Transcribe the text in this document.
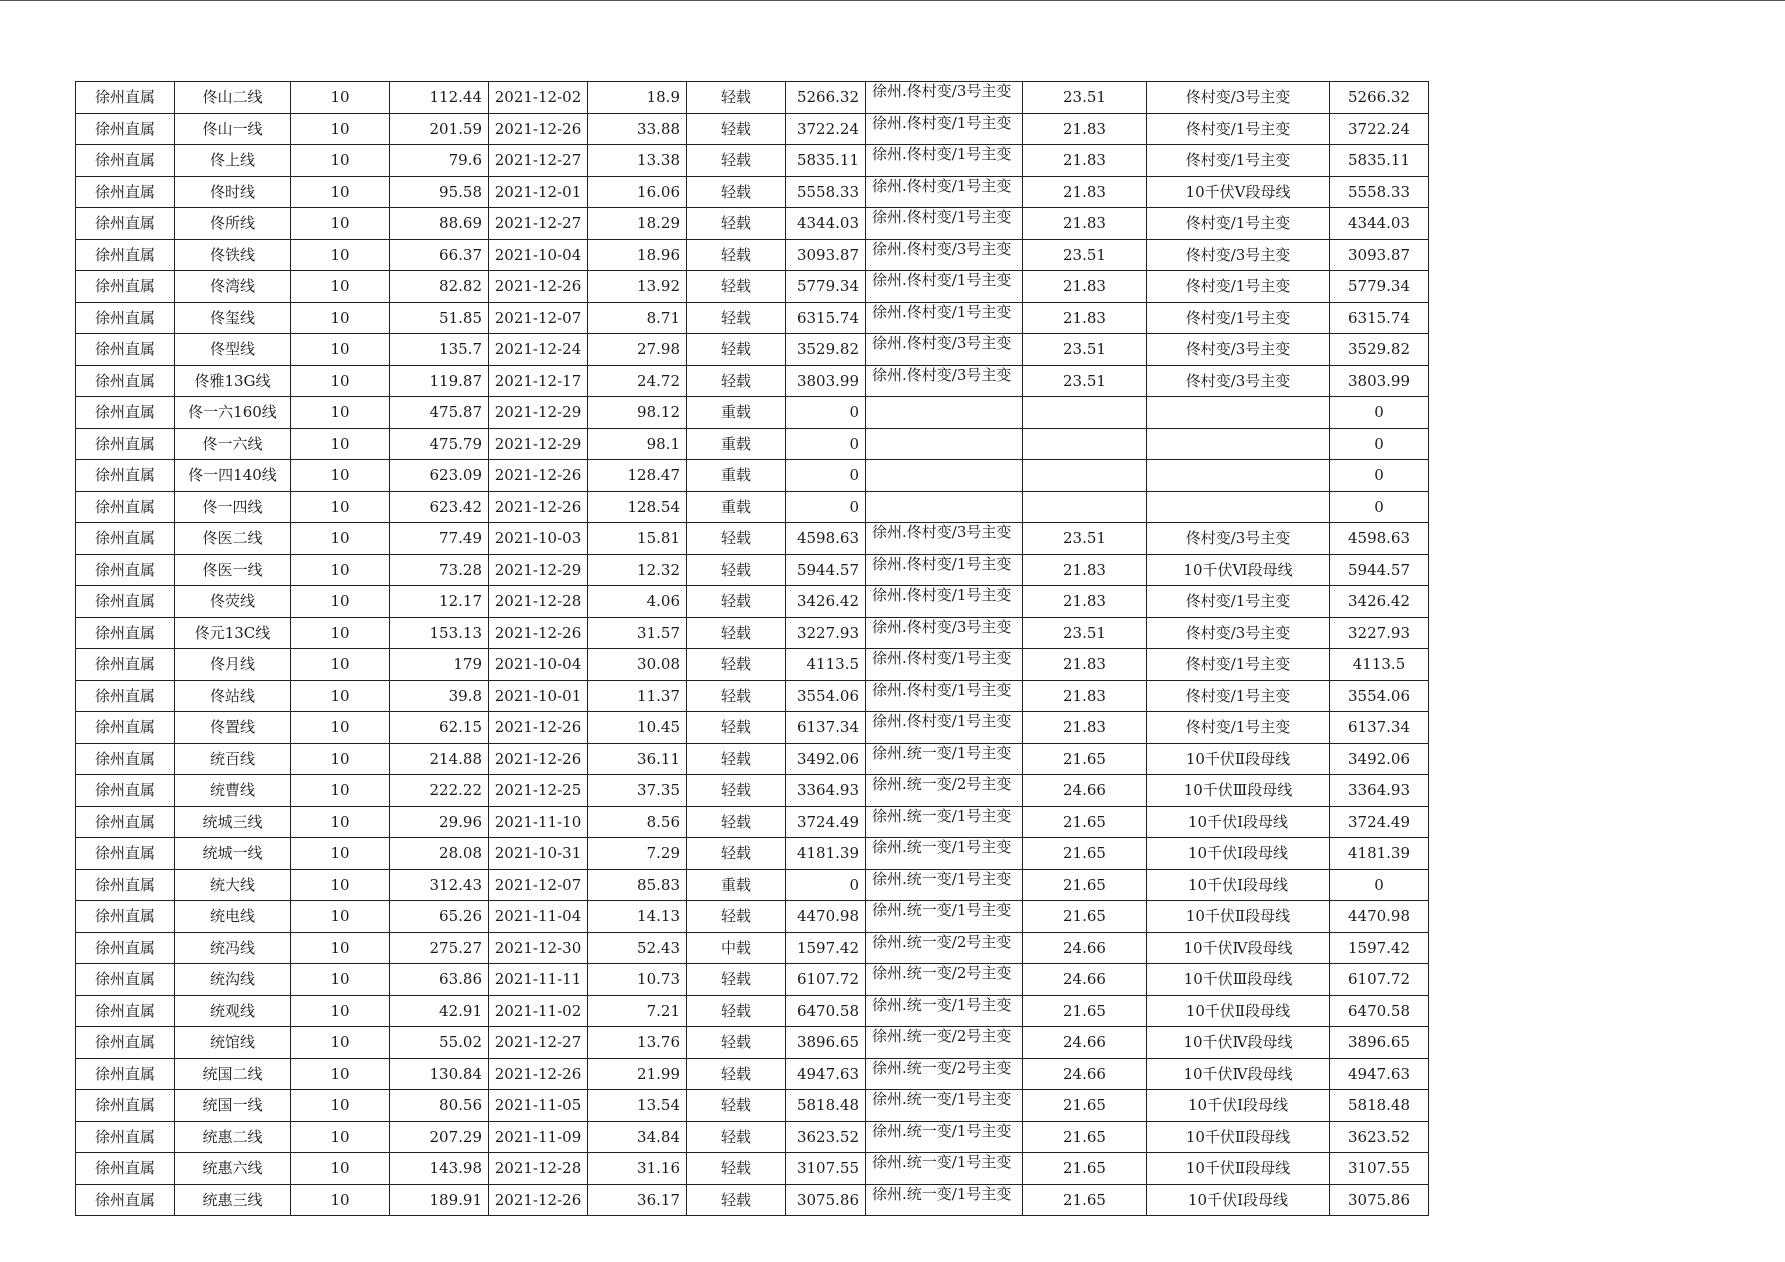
徐州直属	佟山二线	10	112.44	2021-12-02	18.9	轻载	5266.32	徐州.佟村变/3号主变	23.51	佟村变/3号主变	5266.32
徐州直属	佟山一线	10	201.59	2021-12-26	33.88	轻载	3722.24	徐州.佟村变/1号主变	21.83	佟村变/1号主变	3722.24
徐州直属	佟上线	10	79.6	2021-12-27	13.38	轻载	5835.11	徐州.佟村变/1号主变	21.83	佟村变/1号主变	5835.11
徐州直属	佟时线	10	95.58	2021-12-01	16.06	轻载	5558.33	徐州.佟村变/1号主变	21.83	10千伏Ⅴ段母线	5558.33
徐州直属	佟所线	10	88.69	2021-12-27	18.29	轻载	4344.03	徐州.佟村变/1号主变	21.83	佟村变/1号主变	4344.03
徐州直属	佟铁线	10	66.37	2021-10-04	18.96	轻载	3093.87	徐州.佟村变/3号主变	23.51	佟村变/3号主变	3093.87
徐州直属	佟湾线	10	82.82	2021-12-26	13.92	轻载	5779.34	徐州.佟村变/1号主变	21.83	佟村变/1号主变	5779.34
徐州直属	佟玺线	10	51.85	2021-12-07	8.71	轻载	6315.74	徐州.佟村变/1号主变	21.83	佟村变/1号主变	6315.74
徐州直属	佟型线	10	135.7	2021-12-24	27.98	轻载	3529.82	徐州.佟村变/3号主变	23.51	佟村变/3号主变	3529.82
徐州直属	佟雅13G线	10	119.87	2021-12-17	24.72	轻载	3803.99	徐州.佟村变/3号主变	23.51	佟村变/3号主变	3803.99
徐州直属	佟一六160线	10	475.87	2021-12-29	98.12	重载	0				0
徐州直属	佟一六线	10	475.79	2021-12-29	98.1	重载	0				0
徐州直属	佟一四140线	10	623.09	2021-12-26	128.47	重载	0				0
徐州直属	佟一四线	10	623.42	2021-12-26	128.54	重载	0				0
徐州直属	佟医二线	10	77.49	2021-10-03	15.81	轻载	4598.63	徐州.佟村变/3号主变	23.51	佟村变/3号主变	4598.63
徐州直属	佟医一线	10	73.28	2021-12-29	12.32	轻载	5944.57	徐州.佟村变/1号主变	21.83	10千伏Ⅵ段母线	5944.57
徐州直属	佟荧线	10	12.17	2021-12-28	4.06	轻载	3426.42	徐州.佟村变/1号主变	21.83	佟村变/1号主变	3426.42
徐州直属	佟元13C线	10	153.13	2021-12-26	31.57	轻载	3227.93	徐州.佟村变/3号主变	23.51	佟村变/3号主变	3227.93
徐州直属	佟月线	10	179	2021-10-04	30.08	轻载	4113.5	徐州.佟村变/1号主变	21.83	佟村变/1号主变	4113.5
徐州直属	佟站线	10	39.8	2021-10-01	11.37	轻载	3554.06	徐州.佟村变/1号主变	21.83	佟村变/1号主变	3554.06
徐州直属	佟置线	10	62.15	2021-12-26	10.45	轻载	6137.34	徐州.佟村变/1号主变	21.83	佟村变/1号主变	6137.34
徐州直属	统百线	10	214.88	2021-12-26	36.11	轻载	3492.06	徐州.统一变/1号主变	21.65	10千伏Ⅱ段母线	3492.06
徐州直属	统曹线	10	222.22	2021-12-25	37.35	轻载	3364.93	徐州.统一变/2号主变	24.66	10千伏Ⅲ段母线	3364.93
徐州直属	统城三线	10	29.96	2021-11-10	8.56	轻载	3724.49	徐州.统一变/1号主变	21.65	10千伏Ⅰ段母线	3724.49
徐州直属	统城一线	10	28.08	2021-10-31	7.29	轻载	4181.39	徐州.统一变/1号主变	21.65	10千伏Ⅰ段母线	4181.39
徐州直属	统大线	10	312.43	2021-12-07	85.83	重载	0	徐州.统一变/1号主变	21.65	10千伏Ⅰ段母线	0
徐州直属	统电线	10	65.26	2021-11-04	14.13	轻载	4470.98	徐州.统一变/1号主变	21.65	10千伏Ⅱ段母线	4470.98
徐州直属	统冯线	10	275.27	2021-12-30	52.43	中载	1597.42	徐州.统一变/2号主变	24.66	10千伏Ⅳ段母线	1597.42
徐州直属	统沟线	10	63.86	2021-11-11	10.73	轻载	6107.72	徐州.统一变/2号主变	24.66	10千伏Ⅲ段母线	6107.72
徐州直属	统观线	10	42.91	2021-11-02	7.21	轻载	6470.58	徐州.统一变/1号主变	21.65	10千伏Ⅱ段母线	6470.58
徐州直属	统馆线	10	55.02	2021-12-27	13.76	轻载	3896.65	徐州.统一变/2号主变	24.66	10千伏Ⅳ段母线	3896.65
徐州直属	统国二线	10	130.84	2021-12-26	21.99	轻载	4947.63	徐州.统一变/2号主变	24.66	10千伏Ⅳ段母线	4947.63
徐州直属	统国一线	10	80.56	2021-11-05	13.54	轻载	5818.48	徐州.统一变/1号主变	21.65	10千伏Ⅰ段母线	5818.48
徐州直属	统惠二线	10	207.29	2021-11-09	34.84	轻载	3623.52	徐州.统一变/1号主变	21.65	10千伏Ⅱ段母线	3623.52
徐州直属	统惠六线	10	143.98	2021-12-28	31.16	轻载	3107.55	徐州.统一变/1号主变	21.65	10千伏Ⅱ段母线	3107.55
徐州直属	统惠三线	10	189.91	2021-12-26	36.17	轻载	3075.86	徐州.统一变/1号主变	21.65	10千伏Ⅰ段母线	3075.86
